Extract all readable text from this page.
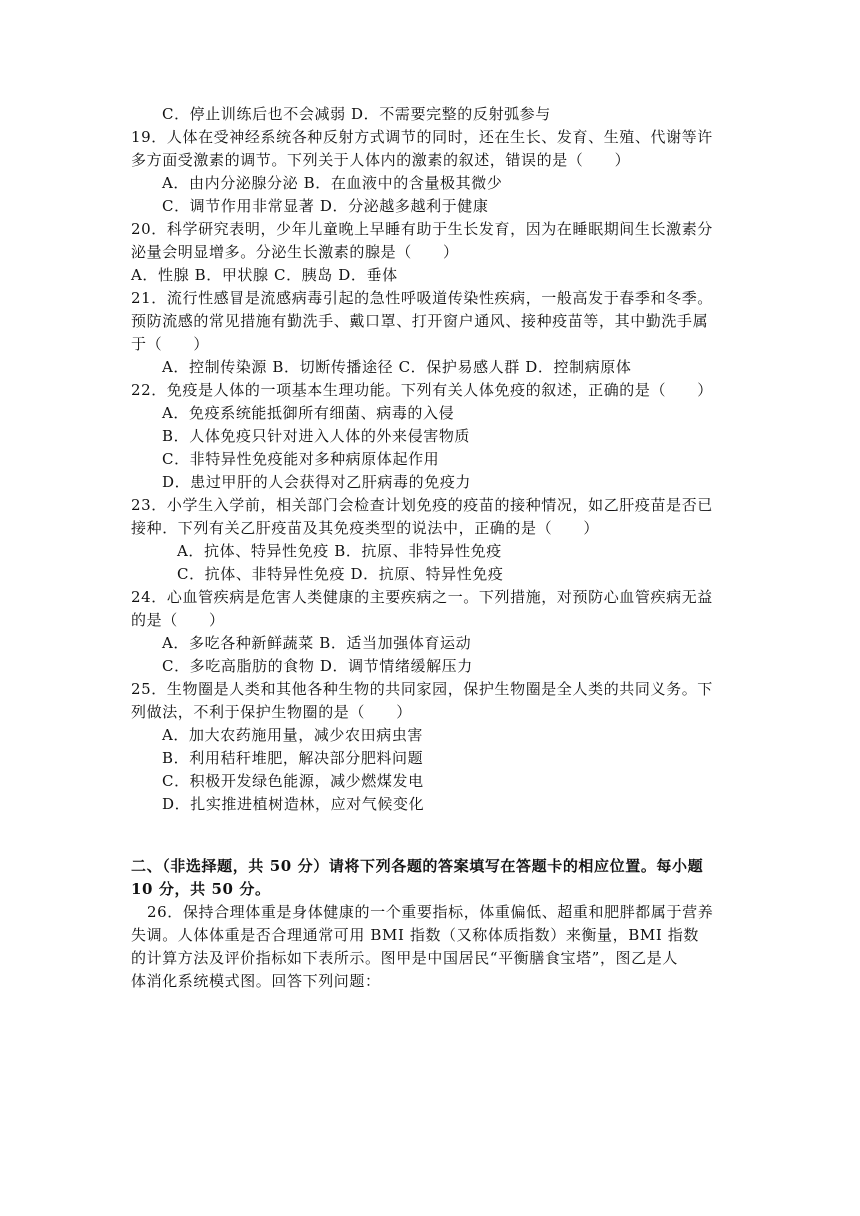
C．停止训练后也不会减弱 D．不需要完整的反射弧参与

19．人体在受神经系统各种反射方式调节的同时，还在生长、发育、生殖、代谢等许

多方面受激素的调节。下列关于人体内的激素的叙述，错误的是（　　）

A．由内分泌腺分泌 B．在血液中的含量极其微少

C．调节作用非常显著 D．分泌越多越利于健康

20．科学研究表明，少年儿童晚上早睡有助于生长发育，因为在睡眠期间生长激素分

泌量会明显增多。分泌生长激素的腺是（　　）

A．性腺 B．甲状腺 C．胰岛 D．垂体

21．流行性感冒是流感病毒引起的急性呼吸道传染性疾病，一般高发于春季和冬季。

预防流感的常见措施有勤洗手、戴口罩、打开窗户通风、接种疫苗等，其中勤洗手属

于（　　）

A．控制传染源 B．切断传播途径 C．保护易感人群 D．控制病原体

22．免疫是人体的一项基本生理功能。下列有关人体免疫的叙述，正确的是（　　）

A．免疫系统能抵御所有细菌、病毒的入侵

B．人体免疫只针对进入人体的外来侵害物质

C．非特异性免疫能对多种病原体起作用

D．患过甲肝的人会获得对乙肝病毒的免疫力

23．小学生入学前，相关部门会检查计划免疫的疫苗的接种情况，如乙肝疫苗是否已

接种．下列有关乙肝疫苗及其免疫类型的说法中，正确的是（　　）

A．抗体、特异性免疫 B．抗原、非特异性免疫

C．抗体、非特异性免疫 D．抗原、特异性免疫

24．心血管疾病是危害人类健康的主要疾病之一。下列措施，对预防心血管疾病无益

的是（　　）

A．多吃各种新鲜蔬菜 B．适当加强体育运动

C．多吃高脂肪的食物 D．调节情绪缓解压力

25．生物圈是人类和其他各种生物的共同家园，保护生物圈是全人类的共同义务。下

列做法，不利于保护生物圈的是（　　）

A．加大农药施用量，减少农田病虫害

B．利用秸秆堆肥，解决部分肥料问题

C．积极开发绿色能源，减少燃煤发电

D．扎实推进植树造林，应对气候变化

二、（非选择题，共 50 分）请将下列各题的答案填写在答题卡的相应位置。每小题

10 分，共 50 分。

26．保持合理体重是身体健康的一个重要指标，体重偏低、超重和肥胖都属于营养

失调。人体体重是否合理通常可用 BMI 指数（又称体质指数）来衡量，BMI 指数

的计算方法及评价指标如下表所示。图甲是中国居民“平衡膳食宝塔”，图乙是人

体消化系统模式图。回答下列问题：
